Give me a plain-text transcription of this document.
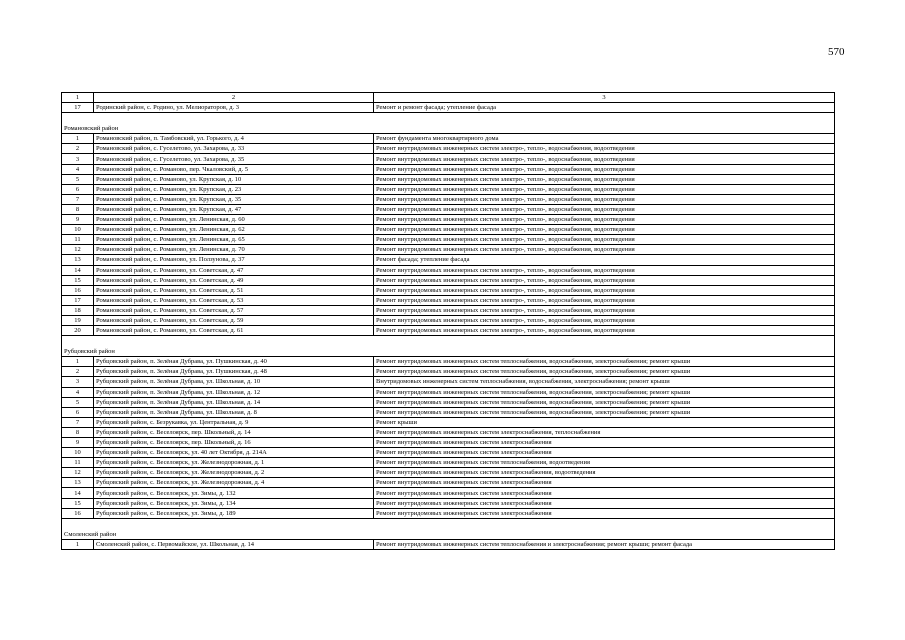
570
1	2	3
17	Родинский район, с. Родино, ул. Мелиораторов, д. 3	Ремонт и ремонт фасада; утепление фасада

Романовский район		
1	Романовский район, п. Тамбовский, ул. Горького, д. 4	Ремонт фундамента многоквартирного дома
2	Романовский район, с. Гуселетово, ул. Захарова, д. 33	Ремонт внутридомовых инженерных систем электро-, тепло-, водоснабжения, водоотведения
3	Романовский район, с. Гуселетово, ул. Захарова, д. 35	Ремонт внутридомовых инженерных систем электро-, тепло-, водоснабжения, водоотведения
4	Романовский район, с. Романово, пер. Чкаловский, д. 5	Ремонт внутридомовых инженерных систем электро-, тепло-, водоснабжения, водоотведения
5	Романовский район, с. Романово, ул. Крупская, д. 10	Ремонт внутридомовых инженерных систем электро-, тепло-, водоснабжения, водоотведения
6	Романовский район, с. Романово, ул. Крупская, д. 23	Ремонт внутридомовых инженерных систем электро-, тепло-, водоснабжения, водоотведения
7	Романовский район, с. Романово, ул. Крупская, д. 35	Ремонт внутридомовых инженерных систем электро-, тепло-, водоснабжения, водоотведения
8	Романовский район, с. Романово, ул. Крупская, д. 47	Ремонт внутридомовых инженерных систем электро-, тепло-, водоснабжения, водоотведения
9	Романовский район, с. Романово, ул. Ленинская, д. 60	Ремонт внутридомовых инженерных систем электро-, тепло-, водоснабжения, водоотведения
10	Романовский район, с. Романово, ул. Ленинская, д. 62	Ремонт внутридомовых инженерных систем электро-, тепло-, водоснабжения, водоотведения
11	Романовский район, с. Романово, ул. Ленинская, д. 65	Ремонт внутридомовых инженерных систем электро-, тепло-, водоснабжения, водоотведения
12	Романовский район, с. Романово, ул. Ленинская, д. 70	Ремонт внутридомовых инженерных систем электро-, тепло-, водоснабжения, водоотведения
13	Романовский район, с. Романово, ул. Ползунова, д. 37	Ремонт фасада; утепление фасада
14	Романовский район, с. Романово, ул. Советская, д. 47	Ремонт внутридомовых инженерных систем электро-, тепло-, водоснабжения, водоотведения
15	Романовский район, с. Романово, ул. Советская, д. 49	Ремонт внутридомовых инженерных систем электро-, тепло-, водоснабжения, водоотведения
16	Романовский район, с. Романово, ул. Советская, д. 51	Ремонт внутридомовых инженерных систем электро-, тепло-, водоснабжения, водоотведения
17	Романовский район, с. Романово, ул. Советская, д. 53	Ремонт внутридомовых инженерных систем электро-, тепло-, водоснабжения, водоотведения
18	Романовский район, с. Романово, ул. Советская, д. 57	Ремонт внутридомовых инженерных систем электро-, тепло-, водоснабжения, водоотведения
19	Романовский район, с. Романово, ул. Советская, д. 59	Ремонт внутридомовых инженерных систем электро-, тепло-, водоснабжения, водоотведения
20	Романовский район, с. Романово, ул. Советская, д. 61	Ремонт внутридомовых инженерных систем электро-, тепло-, водоснабжения, водоотведения

Рубцовский район		
1	Рубцовский район, п. Зелёная Дубрава, ул. Пушкинская, д. 40	Ремонт внутридомовых инженерных систем теплоснабжения, водоснабжения, электроснабжения; ремонт крыши
2	Рубцовский район, п. Зелёная Дубрава, ул. Пушкинская, д. 48	Ремонт внутридомовых инженерных систем теплоснабжения, водоснабжения, электроснабжения; ремонт крыши
3	Рубцовский район, п. Зелёная Дубрава, ул. Школьная, д. 10	Внутридомовых инженерных систем теплоснабжения, водоснабжения, электроснабжения; ремонт крыши
4	Рубцовский район, п. Зелёная Дубрава, ул. Школьная, д. 12	Ремонт внутридомовых инженерных систем теплоснабжения, водоснабжения, электроснабжения; ремонт крыши
5	Рубцовский район, п. Зелёная Дубрава, ул. Школьная, д. 14	Ремонт внутридомовых инженерных систем теплоснабжения, водоснабжения, электроснабжения; ремонт крыши
6	Рубцовский район, п. Зелёная Дубрава, ул. Школьная, д. 8	Ремонт внутридомовых инженерных систем теплоснабжения, водоснабжения, электроснабжения; ремонт крыши
7	Рубцовский район, с. Безрукавка, ул. Центральная, д. 9	Ремонт крыши
8	Рубцовский район, с. Веселоярск, пер. Школьный, д. 14	Ремонт внутридомовых инженерных систем электроснабжения, теплоснабжения
9	Рубцовский район, с. Веселоярск, пер. Школьный, д. 16	Ремонт внутридомовых инженерных систем электроснабжения
10	Рубцовский район, с. Веселоярск, ул. 40 лет Октября, д. 214А	Ремонт внутридомовых инженерных систем электроснабжения
11	Рубцовский район, с. Веселоярск, ул. Железнодорожная, д. 1	Ремонт внутридомовых инженерных систем теплоснабжения, водоотведения
12	Рубцовский район, с. Веселоярск, ул. Железнодорожная, д. 2	Ремонт внутридомовых инженерных систем электроснабжения, водоотведения
13	Рубцовский район, с. Веселоярск, ул. Железнодорожная, д. 4	Ремонт внутридомовых инженерных систем электроснабжения
14	Рубцовский район, с. Веселоярск, ул. Зимы, д. 132	Ремонт внутридомовых инженерных систем электроснабжения
15	Рубцовский район, с. Веселоярск, ул. Зимы, д. 134	Ремонт внутридомовых инженерных систем электроснабжения
16	Рубцовский район, с. Веселоярск, ул. Зимы, д. 189	Ремонт внутридомовых инженерных систем электроснабжения

Смоленский район		
1	Смоленский район, с. Первомайское, ул. Школьная, д. 14	Ремонт внутридомовых инженерных систем теплоснабжения и электроснабжения; ремонт крыши; ремонт фасада
